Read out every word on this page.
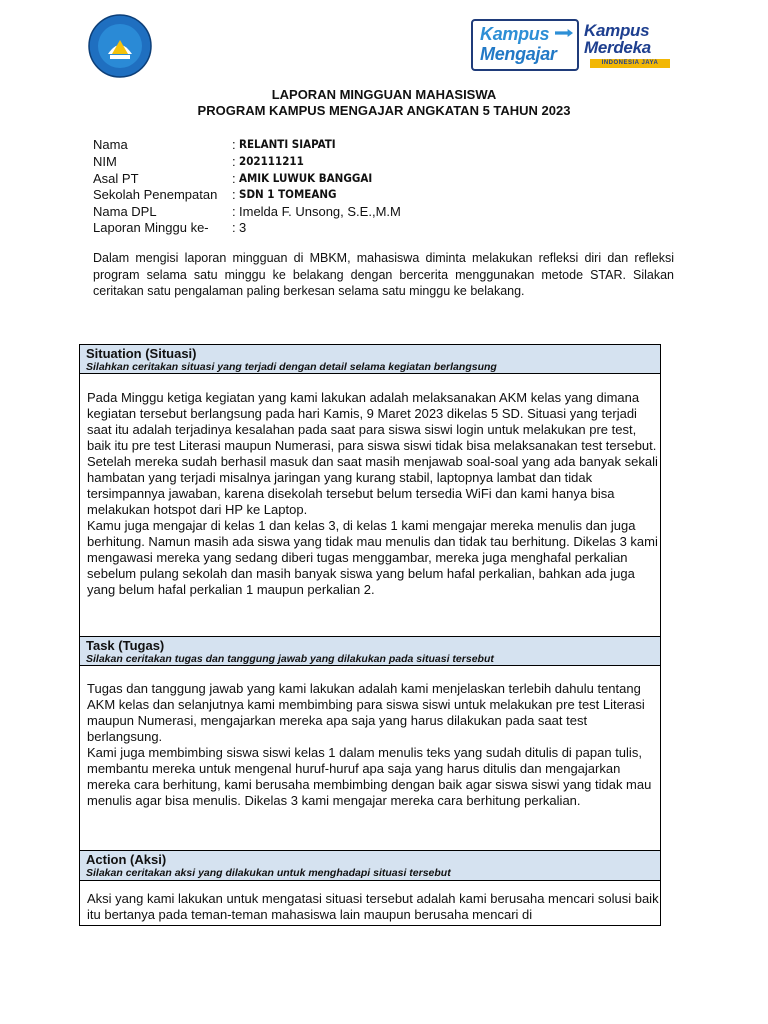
Kampus
Mengajar
Kampus
Merdeka
INDONESIA JAYA
LAPORAN MINGGUAN MAHASISWA
PROGRAM KAMPUS MENGAJAR ANGKATAN 5 TAHUN 2023
Nama	: RELANTI SIAPATI
NIM	: 202111211
Asal PT	: AMIK LUWUK BANGGAI
Sekolah Penempatan	: SDN 1 TOMEANG
Nama DPL	: Imelda F. Unsong, S.E.,M.M
Laporan Minggu ke-	: 3
Dalam mengisi laporan mingguan di MBKM, mahasiswa diminta melakukan refleksi diri dan refleksi program selama satu minggu ke belakang dengan bercerita menggunakan metode STAR. Silakan ceritakan satu pengalaman paling berkesan selama satu minggu ke belakang.
Situation (Situasi)
Silahkan ceritakan situasi yang terjadi dengan detail selama kegiatan berlangsung

Pada Minggu ketiga kegiatan yang kami lakukan adalah melaksanakan AKM kelas yang dimana kegiatan tersebut berlangsung pada hari Kamis, 9 Maret 2023 dikelas 5 SD. Situasi yang terjadi saat itu adalah terjadinya kesalahan pada saat para siswa siswi login untuk melakukan pre test, baik itu pre test Literasi maupun Numerasi, para siswa siswi tidak bisa melaksanakan test tersebut. Setelah mereka sudah berhasil masuk dan saat masih menjawab soal-soal yang ada banyak sekali hambatan yang terjadi misalnya jaringan yang kurang stabil, laptopnya lambat dan tidak tersimpannya jawaban, karena disekolah tersebut belum tersedia WiFi dan kami hanya bisa melakukan hotspot dari HP ke Laptop.

Kamu juga mengajar di kelas 1 dan kelas 3, di kelas 1 kami mengajar mereka menulis dan juga berhitung. Namun masih ada siswa yang tidak mau menulis dan tidak tau berhitung. Dikelas 3 kami mengawasi mereka yang sedang diberi tugas menggambar, mereka juga menghafal perkalian sebelum pulang sekolah dan masih banyak siswa yang belum hafal perkalian, bahkan ada juga yang belum hafal perkalian 1 maupun perkalian 2.

Task (Tugas)
Silakan ceritakan tugas dan tanggung jawab yang dilakukan pada situasi tersebut

Tugas dan tanggung jawab yang kami lakukan adalah kami menjelaskan terlebih dahulu tentang AKM kelas dan selanjutnya kami membimbing para siswa siswi untuk melakukan pre test Literasi maupun Numerasi, mengajarkan mereka apa saja yang harus dilakukan pada saat test berlangsung.

Kami juga membimbing siswa siswi kelas 1 dalam menulis teks yang sudah ditulis di papan tulis, membantu mereka untuk mengenal huruf-huruf apa saja yang harus ditulis dan mengajarkan mereka cara berhitung, kami berusaha membimbing dengan baik agar siswa siswi yang tidak mau menulis agar bisa menulis. Dikelas 3 kami mengajar mereka cara berhitung perkalian.

Action (Aksi)
Silakan ceritakan aksi yang dilakukan untuk menghadapi situasi tersebut

Aksi yang kami lakukan untuk mengatasi situasi tersebut adalah kami berusaha mencari solusi baik itu bertanya pada teman-teman mahasiswa lain maupun berusaha mencari di
